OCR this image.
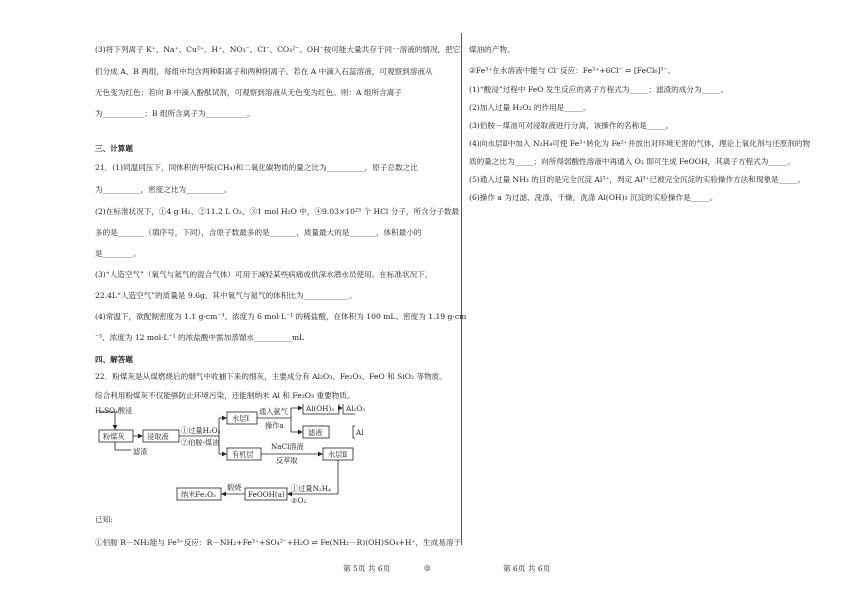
(3)将下列离子 K⁺、Na⁺、Cu²⁺、H⁺、NO₃⁻、Cl⁻、CO₃²⁻、OH⁻按可能大量共存于同一溶液的情况，把它
们分成 A、B 两组，每组中均含两种阳离子和两种阴离子。若在 A 中滴入石蕊溶液，可观察到溶液从
无色变为红色；若向 B 中滴入酚酞试剂，可观察到溶液从无色变为红色。则：A 组所含离子
为___________；B 组所含离子为___________。
三、计算题
21．(1)同温同压下，同体积的甲烷(CH₄)和二氧化碳物质的量之比为__________，原子总数之比
为__________，密度之比为__________。
(2)在标准状况下，①4 g H₂、②11.2 L O₂、③1 mol H₂O 中，④9.03×10²³ 个 HCl 分子，所含分子数最
多的是_______（填序号，下同），含原子数最多的是_______，质量最大的是_______，体积最小的
是________。
(3)“人造空气”（氧气与氦气的混合气体）可用于减轻某些病痛或供深水潜水员使用。在标准状况下，
22.4L“人造空气”的质量是 9.6g，其中氧气与氦气的体积比为____________。
(4)常温下，欲配制密度为 1.1 g·cm⁻³、浓度为 6 mol·L⁻¹ 的稀盐酸，在体积为 100 mL、密度为 1.19 g·cm
⁻³、浓度为 12 mol·L⁻¹ 的浓盐酸中需加蒸馏水__________mL
四、解答题
22．粉煤灰是从煤燃烧后的烟气中收捕下来的细灰，主要成分有 Al₂O₃、Fe₂O₃、FeO 和 SiO₂ 等物质。
综合利用粉煤灰不仅能够防止环境污染，还能制纳米 Al 和 Fe₂O₃ 重要物质。
已知:
①伯胺 R－NH₂能与 Fe³⁺反应：R－NH₂+Fe³⁺+SO₄²⁻+H₂O ⇌ Fe(NH₂－R)(OH)SO₄+H⁺，生成易溶于
H₂SO₄酸浸
粉煤灰	浸取液
滤渣
①过量H₂O₂
②伯胺-煤油
水层Ⅰ
通入氨气
操作a
Al(OH)₃ Al₂O₃
Al
滤液
有机层
NaCl溶液
反萃取
水层Ⅱ
煅烧
纳米Fe₂O₃	FeOOH(a)
①过量N₂H₄
②O₂
煤油的产物。
②Fe³⁺在水溶液中能与 Cl⁻反应：Fe³⁺+6Cl⁻ ⇌ [FeCl₆]³⁻。
(1)“酸浸”过程中 FeO 发生反应的离子方程式为_____；滤渣的成分为_____。
(2)加入过量 H₂O₂ 的作用是_____。
(3)伯胺－煤油可对浸取液进行分离，该操作的名称是_____。
(4)向水层Ⅱ中加入 N₂H₄可使 Fe³⁺转化为 Fe²⁺并放出对环境无害的气体，理论上氧化剂与还原剂的物
质的量之比为_____；向所得弱酸性溶液中再通入 O₂ 即可生成 FeOOH，其离子方程式为_____。
(5)通入过量 NH₃ 的目的是完全沉淀 Al³⁺，判定 Al³⁺已被完全沉淀的实验操作方法和现象是_____。
(6)操作 a 为过滤、洗涤、干燥，洗涤 Al(OH)₃ 沉淀的实验操作是_____。
第 5页 共 6页	◎	第 6页 共 6页
